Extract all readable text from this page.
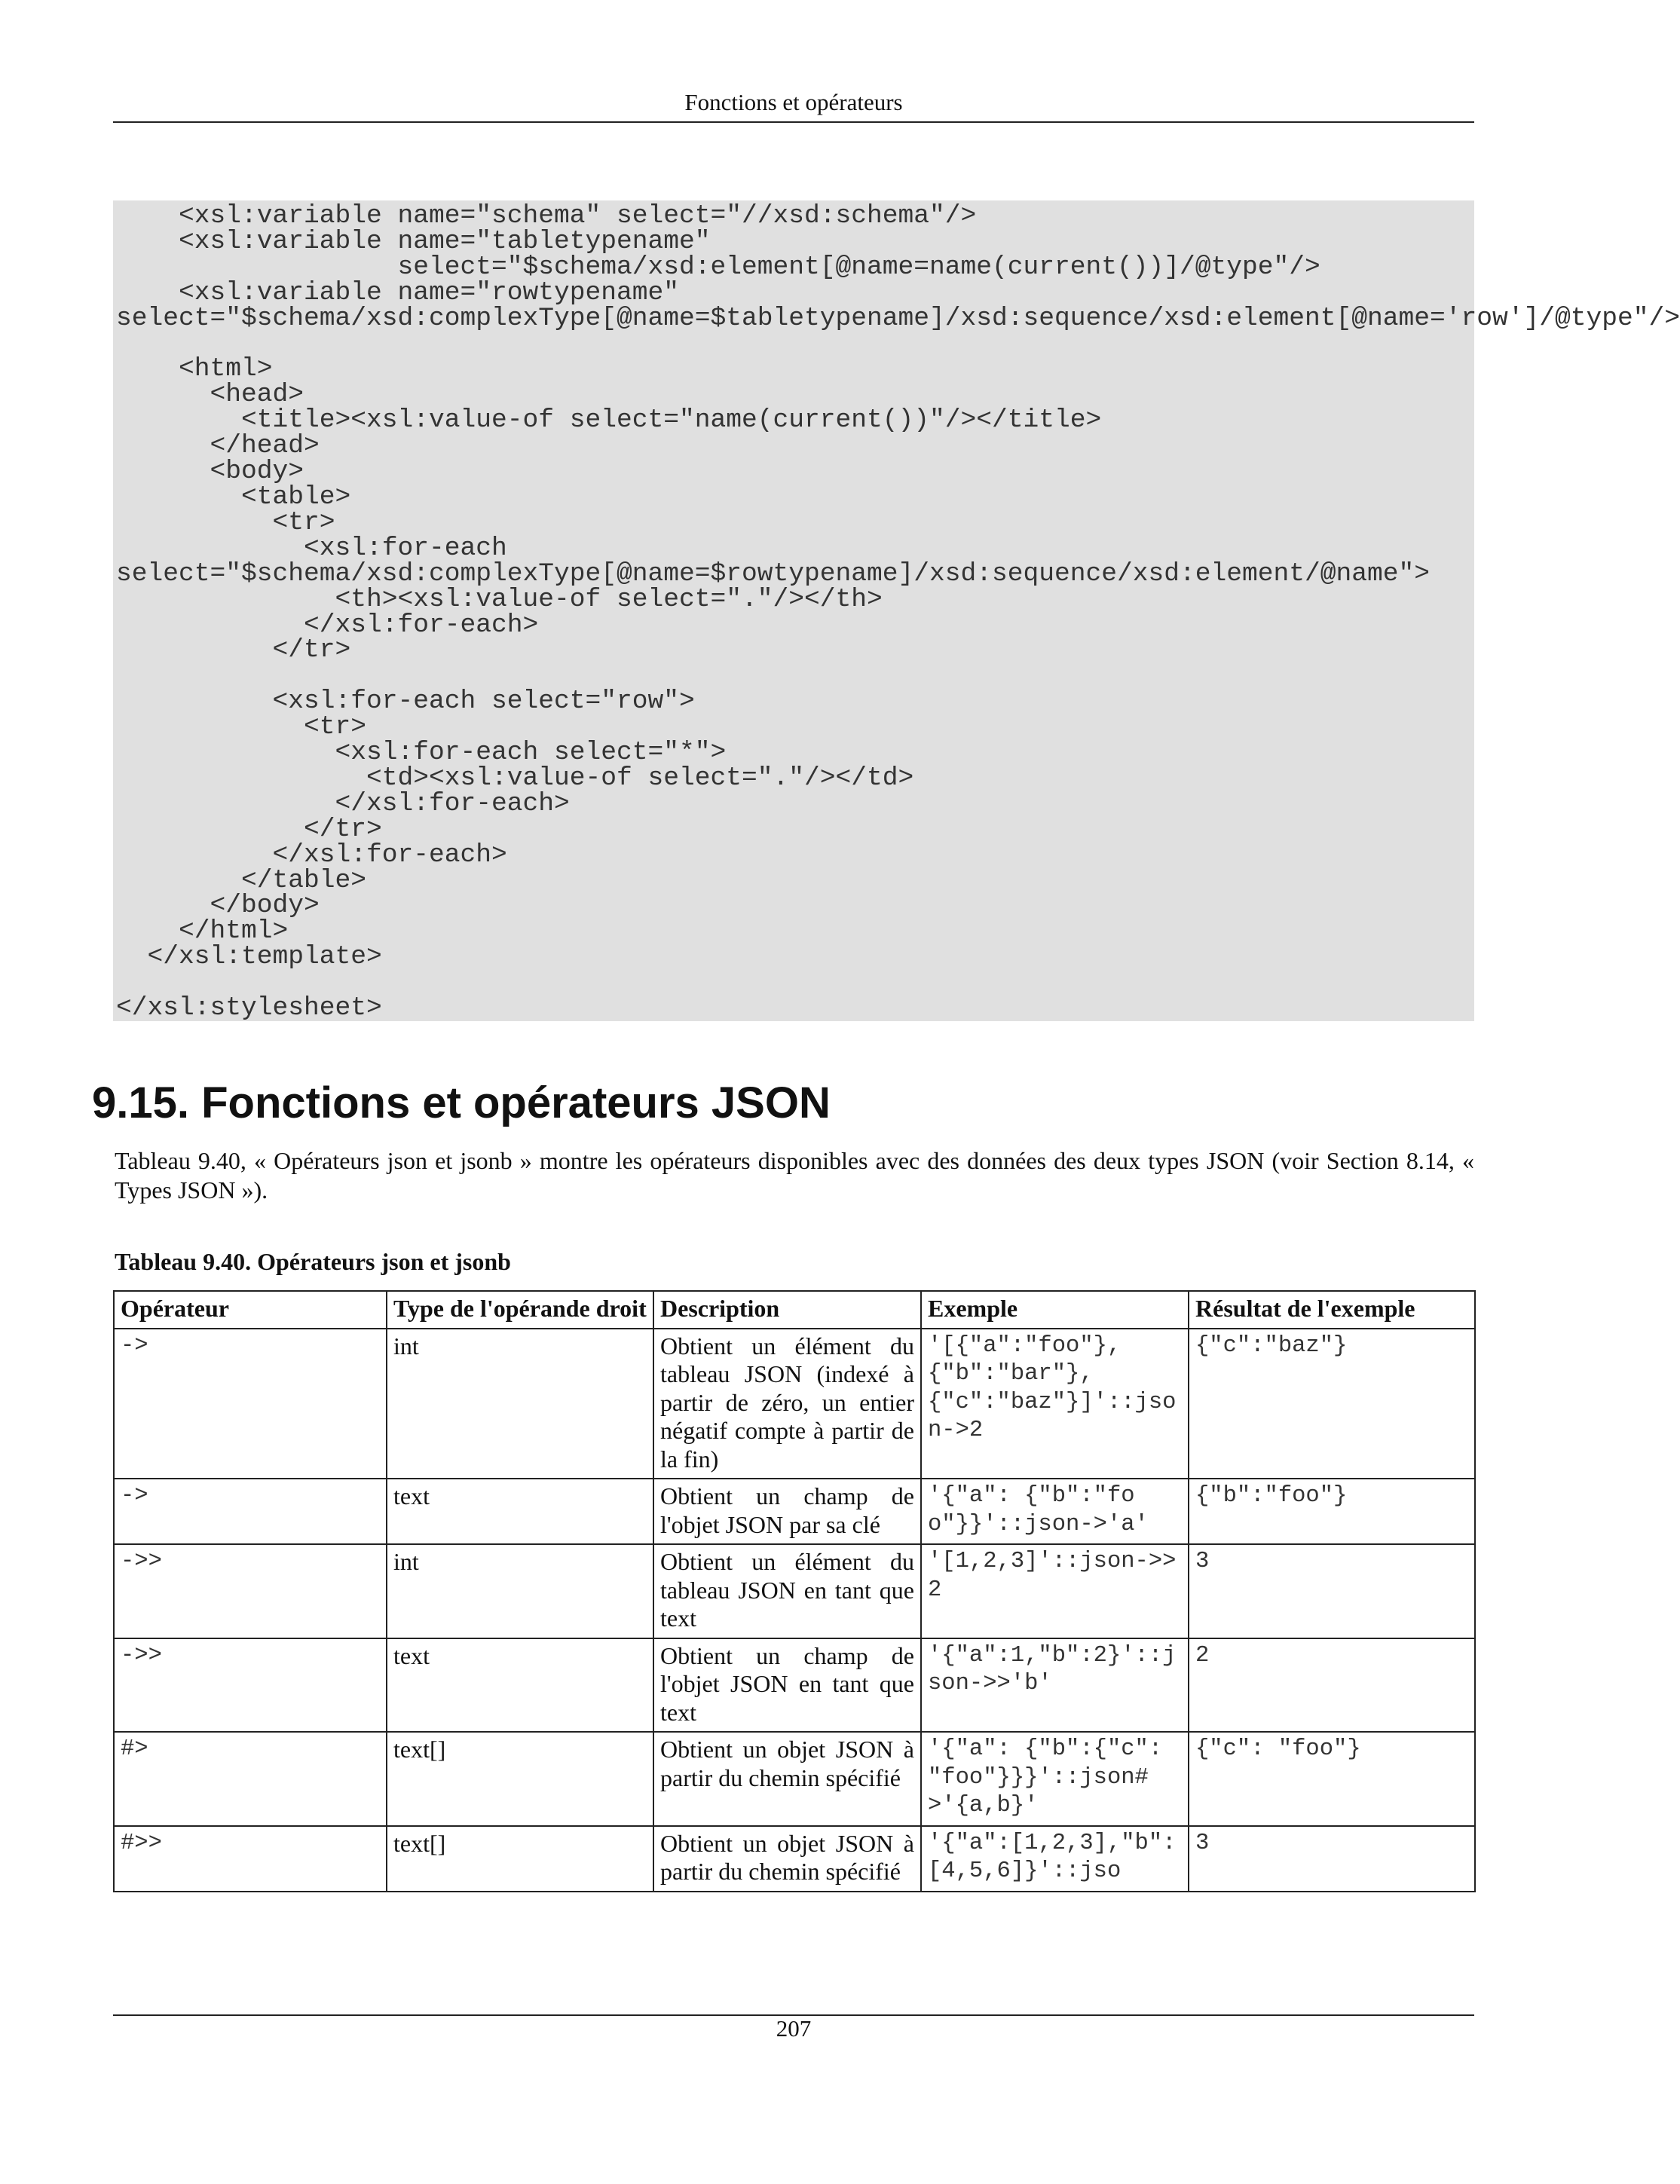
Fonctions et opérateurs
<xsl:variable name="schema" select="//xsd:schema"/>
<xsl:variable name="tabletypename"
select="$schema/xsd:element[@name=name(current())]/@type"/>
<xsl:variable name="rowtypename"
select="$schema/xsd:complexType[@name=$tabletypename]/xsd:sequence/xsd:element[@name='row']/@type"/>

<html>
<head>
<title><xsl:value-of select="name(current())"/></title>
</head>
<body>
<table>
<tr>
<xsl:for-each
select="$schema/xsd:complexType[@name=$rowtypename]/xsd:sequence/xsd:element/@name">
<th><xsl:value-of select="."/></th>
</xsl:for-each>
</tr>

<xsl:for-each select="row">
<tr>
<xsl:for-each select="*">
<td><xsl:value-of select="."/></td>
</xsl:for-each>
</tr>
</xsl:for-each>
</table>
</body>
</html>
</xsl:template>

</xsl:stylesheet>
9.15. Fonctions et opérateurs JSON

Tableau 9.40, « Opérateurs json et jsonb » montre les opérateurs disponibles avec des données des deux types JSON (voir Section 8.14, « Types JSON »).

Tableau 9.40. Opérateurs json et jsonb

Opérateur	Type de l'opérande droit	Description	Exemple	Résultat de l'exemple
->	int	Obtient un élément du tableau JSON (indexé à partir de zéro, un entier négatif compte à partir de la fin)	'[{"a":"foo"},{"b":"bar"},{"c":"baz"}]'::json->2	{"c":"baz"}
->	text	Obtient un champ de l'objet JSON par sa clé	'{"a": {"b":"foo"}}'::json->'a'	{"b":"foo"}
->>	int	Obtient un élément du tableau JSON en tant que text	'[1,2,3]'::json->>2	3
->>	text	Obtient un champ de l'objet JSON en tant que text	'{"a":1,"b":2}'::json->>'b'	2
#>	text[]	Obtient un objet JSON à partir du chemin spécifié	'{"a": {"b":{"c": "foo"}}}'::json#>'{a,b}'	{"c": "foo"}
#>>	text[]	Obtient un objet JSON à partir du chemin spécifié	'{"a":[1,2,3],"b":[4,5,6]}'::jso	3
207
